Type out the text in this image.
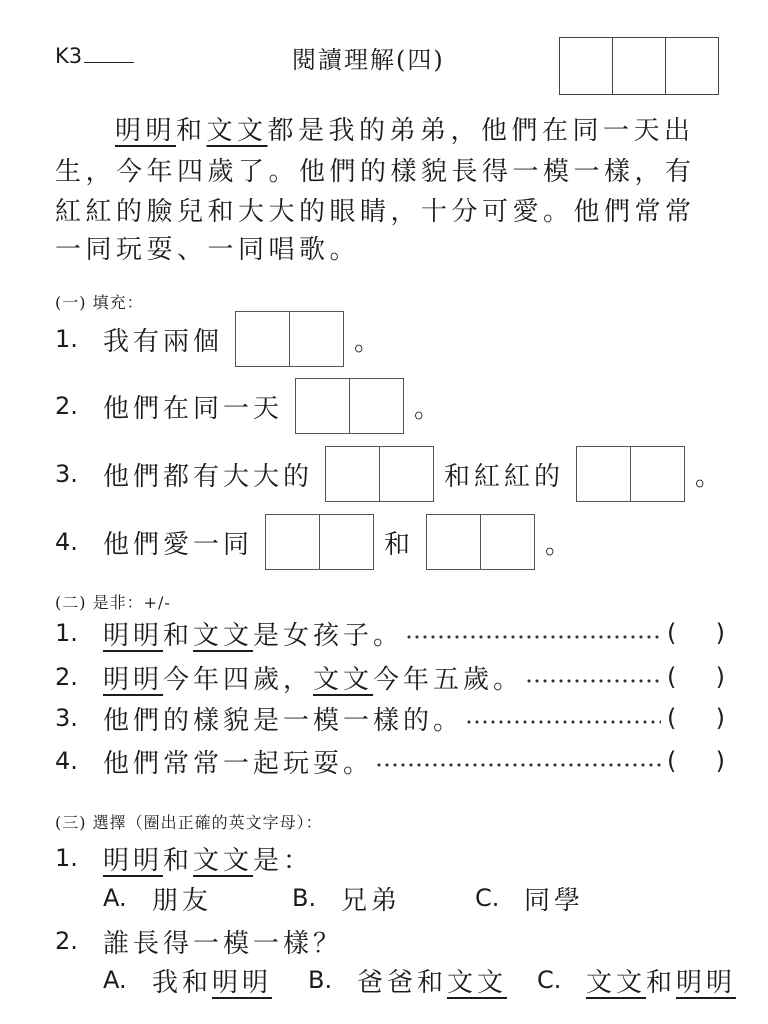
K3	閱讀理解(四)
明明和文文都是我的弟弟，他們在同一天出
生，今年四歲了。他們的樣貌長得一模一樣，有
紅紅的臉兒和大大的眼睛，十分可愛。他們常常
一同玩耍、一同唱歌。
(一) 填充：
1. 我有兩個	。
2. 他們在同一天	。
3. 他們都有大大的	和紅紅的	。
4. 他們愛一同	和	。
(二) 是非：+/-
1. 明明 和 文文 是女孩子。	( )
2. 明明 今年四歲， 文文 今年五歲。	( )
3. 他們的樣貌是一模一樣的。	( )
4. 他們常常一起玩耍。	( )
(三) 選擇（圈出正確的英文字母）：
1. 明明 和 文文 是：
A. 朋友	B. 兄弟	C. 同學
2. 誰長得一模一樣？
A. 我和 明明 B. 爸爸和 文文 C. 文文 和 明明
